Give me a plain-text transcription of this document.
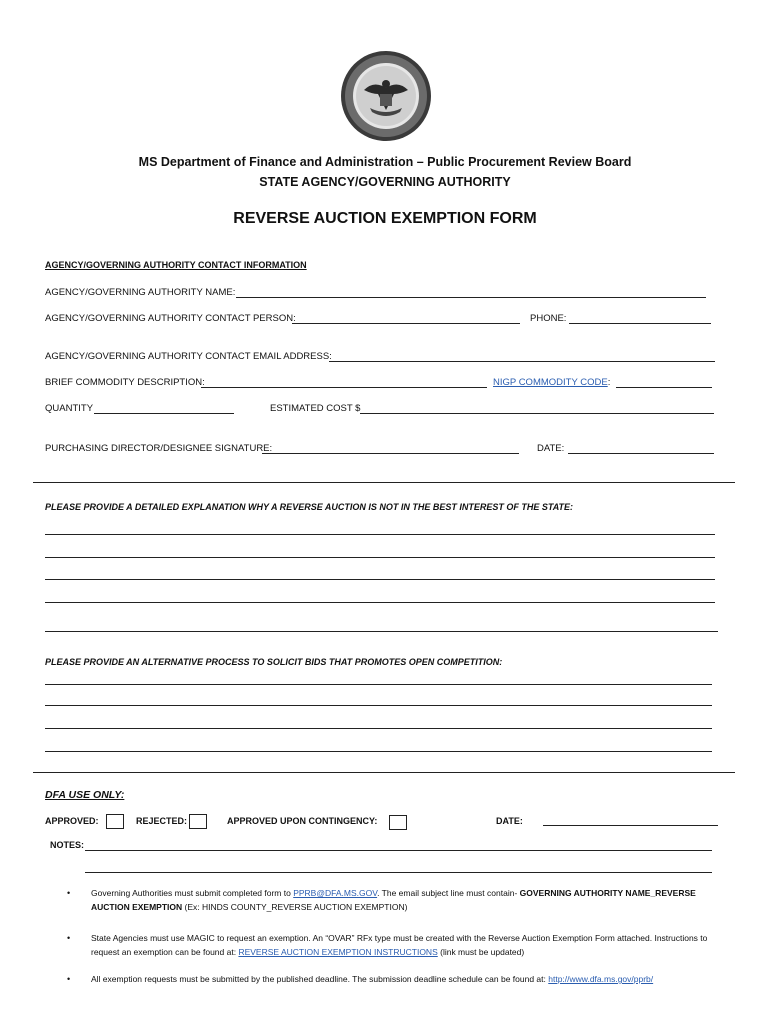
MS Department of Finance and Administration – Public Procurement Review Board
STATE AGENCY/GOVERNING AUTHORITY
REVERSE AUCTION EXEMPTION FORM
AGENCY/GOVERNING AUTHORITY CONTACT INFORMATION
AGENCY/GOVERNING AUTHORITY NAME:
AGENCY/GOVERNING AUTHORITY CONTACT PERSON:	PHONE:
AGENCY/GOVERNING AUTHORITY CONTACT EMAIL ADDRESS:
BRIEF COMMODITY DESCRIPTION:	NIGP COMMODITY CODE:
QUANTITY	ESTIMATED COST $
PURCHASING DIRECTOR/DESIGNEE SIGNATURE:	DATE:
PLEASE PROVIDE A DETAILED EXPLANATION WHY A REVERSE AUCTION IS NOT IN THE BEST INTEREST OF THE STATE:
PLEASE PROVIDE AN ALTERNATIVE PROCESS TO SOLICIT BIDS THAT PROMOTES OPEN COMPETITION:
DFA USE ONLY:
APPROVED:	REJECTED:	APPROVED UPON CONTINGENCY:	DATE:
NOTES:
• Governing Authorities must submit completed form to PPRB@DFA.MS.GOV. The email subject line must contain- GOVERNING AUTHORITY NAME_REVERSE AUCTION EXEMPTION (Ex: HINDS COUNTY_REVERSE AUCTION EXEMPTION)
• State Agencies must use MAGIC to request an exemption. An “OVAR” RFx type must be created with the Reverse Auction Exemption Form attached. Instructions to request an exemption can be found at: REVERSE AUCTION EXEMPTION INSTRUCTIONS (link must be updated)
• All exemption requests must be submitted by the published deadline. The submission deadline schedule can be found at: http://www.dfa.ms.gov/pprb/
